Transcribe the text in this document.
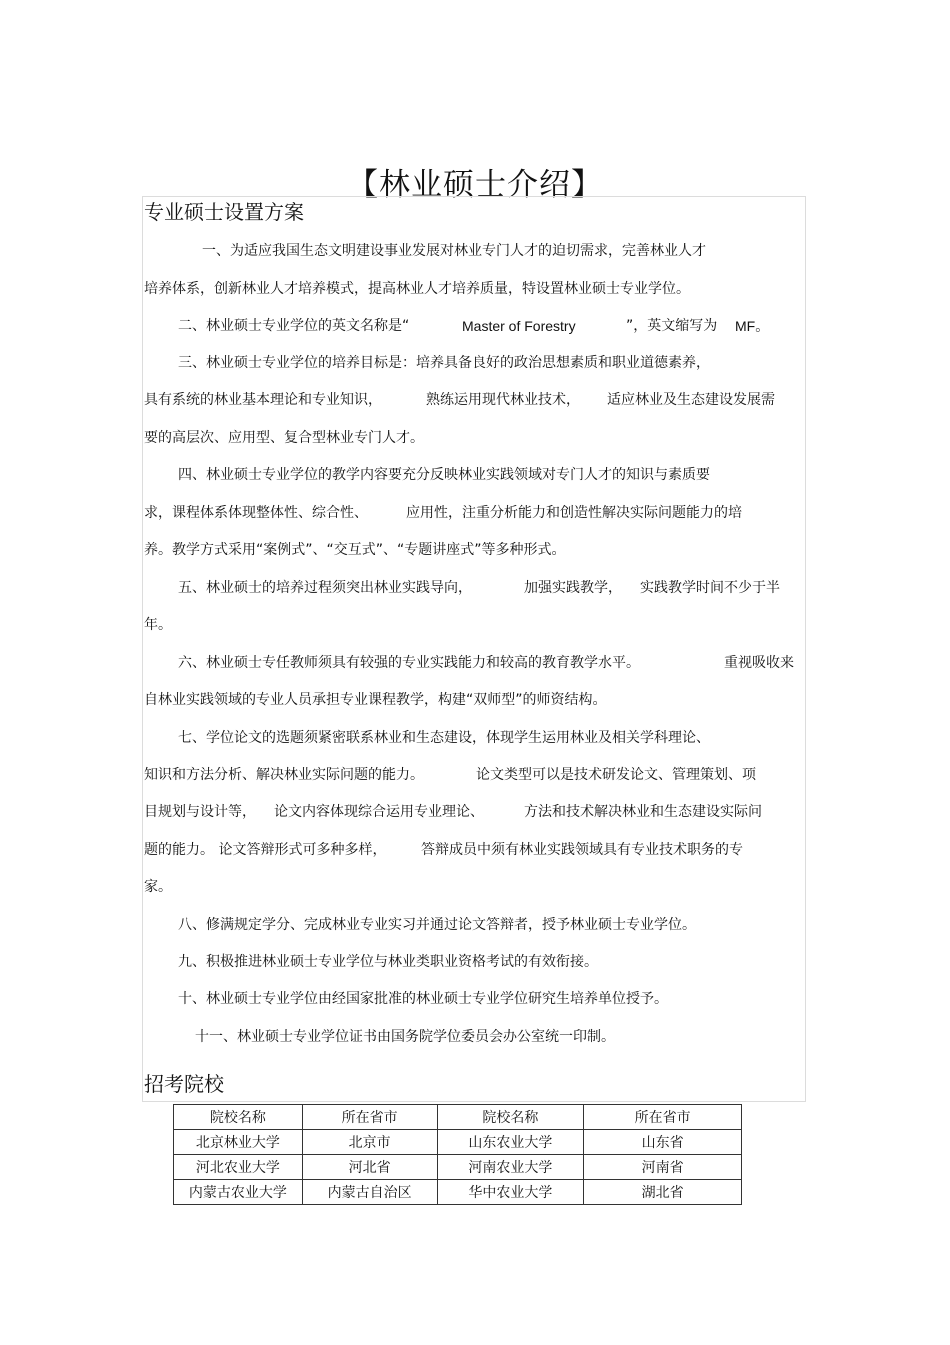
【林业硕士介绍】
专业硕士设置方案
一、为适应我国生态文明建设事业发展对林业专门人才的迫切需求，完善林业人才
培养体系，创新林业人才培养模式，提高林业人才培养质量，特设置林业硕士专业学位。
二、林业硕士专业学位的英文名称是“	Master of Forestry	”，英文缩写为 MF。
三、林业硕士专业学位的培养目标是：培养具备良好的政治思想素质和职业道德素养，
具有系统的林业基本理论和专业知识，	熟练运用现代林业技术， 适应林业及生态建设发展需
要的高层次、应用型、复合型林业专门人才。
四、林业硕士专业学位的教学内容要充分反映林业实践领域对专门人才的知识与素质要
求，课程体系体现整体性、综合性、	应用性，注重分析能力和创造性解决实际问题能力的培
养。教学方式采用“案例式”、“交互式”、“专题讲座式”等多种形式。
五、林业硕士的培养过程须突出林业实践导向，	加强实践教学， 实践教学时间不少于半
年。
六、林业硕士专任教师须具有较强的专业实践能力和较高的教育教学水平。	重视吸收来
自林业实践领域的专业人员承担专业课程教学，构建“双师型”的师资结构。
七、学位论文的选题须紧密联系林业和生态建设，体现学生运用林业及相关学科理论、
知识和方法分析、解决林业实际问题的能力。	论文类型可以是技术研发论文、管理策划、项
目规划与设计等， 论文内容体现综合运用专业理论、	方法和技术解决林业和生态建设实际问
题的能力。 论文答辩形式可多种多样， 答辩成员中须有林业实践领域具有专业技术职务的专
家。
八、修满规定学分、完成林业专业实习并通过论文答辩者，授予林业硕士专业学位。
九、积极推进林业硕士专业学位与林业类职业资格考试的有效衔接。
十、林业硕士专业学位由经国家批准的林业硕士专业学位研究生培养单位授予。
十一、林业硕士专业学位证书由国务院学位委员会办公室统一印制。
招考院校
院校名称	所在省市	院校名称	所在省市
北京林业大学	北京市	山东农业大学	山东省
河北农业大学	河北省	河南农业大学	河南省
内蒙古农业大学	内蒙古自治区	华中农业大学	湖北省
